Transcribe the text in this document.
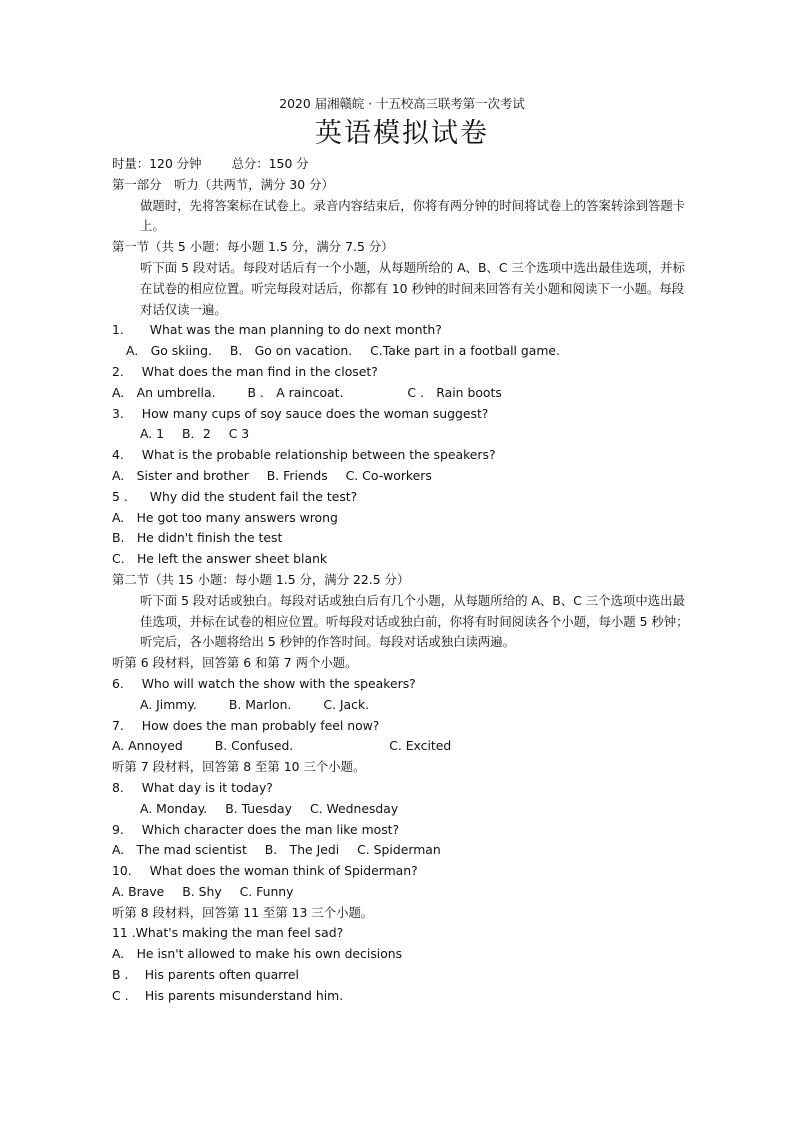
2020 届湘赣皖 · 十五校高三联考第一次考试
英语模拟试卷
时量：120 分钟 总分：150 分
第一部分　听力（共两节，满分 30 分）
做题时，先将答案标在试卷上。录音内容结束后，你将有两分钟的时间将试卷上的答案转涂到答题卡上。
第一节（共 5 小题：每小题 1.5 分，满分 7.5 分）
听下面 5 段对话。每段对话后有一个小题，从每题所给的 A、B、C 三个选项中选出最佳选项，并标在试卷的相应位置。听完每段对话后，你都有 10 秒钟的时间来回答有关小题和阅读下一小题。每段对话仅读一遍。
1. What was the man planning to do next month?
A.　Go skiing. B.　Go on vacation. C.Take part in a football game.
2. What does the man find in the closet?
A.　An umbrella.	B .　A raincoat.	C .　Rain boots
3. How many cups of soy sauce does the woman suggest?
A. 1 B．2 C 3
4. What is the probable relationship between the speakers?
A.　Sister and brother B. Friends C. Co-workers
5 . Why did the student fail the test?
A.　He got too many answers wrong
B.　He didn't finish the test
C.　He left the answer sheet blank
第二节（共 15 小题：每小题 1.5 分，满分 22.5 分）
听下面 5 段对话或独白。每段对话或独白后有几个小题，从每题所给的 A、B、C 三个选项中选出最佳选项，并标在试卷的相应位置。听每段对话或独白前，你将有时间阅读各个小题，每小题 5 秒钟；听完后，各小题将给出 5 秒钟的作答时间。每段对话或独白读两遍。
听第 6 段材料，回答第 6 和第 7 两个小题。
6. Who will watch the show with the speakers?
A. Jimmy.	B. Marlon.	C. Jack.
7. How does the man probably feel now?
A. Annoyed	B. Confused.	C. Excited
听第 7 段材料，回答第 8 至第 10 三个小题。
8. What day is it today?
A. Monday. B. Tuesday C. Wednesday
9. Which character does the man like most?
A.　The mad scientist B.　The Jedi C. Spiderman
10. What does the woman think of Spiderman?
A. Brave B. Shy C. Funny
听第 8 段材料，回答第 11 至第 13 三个小题。
11 .What's making the man feel sad?
A.　He isn't allowed to make his own decisions
B .　 His parents often quarrel
C .　 His parents misunderstand him.
